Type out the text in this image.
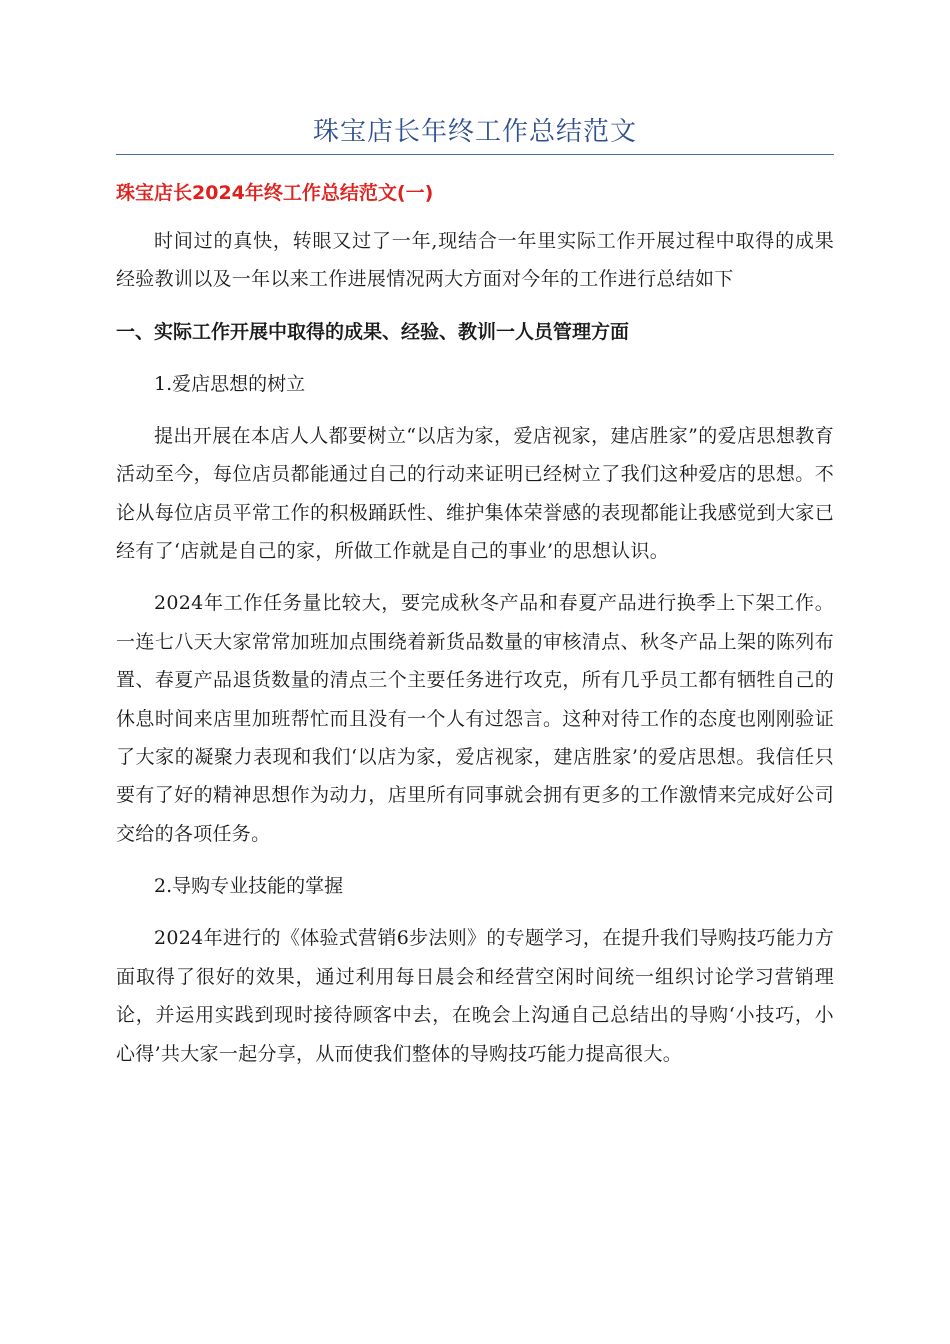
珠宝店长年终工作总结范文
珠宝店长2024年终工作总结范文(一)

时间过的真快，转眼又过了一年,现结合一年里实际工作开展过程中取得的成果经验教训以及一年以来工作进展情况两大方面对今年的工作进行总结如下

一、实际工作开展中取得的成果、经验、教训一人员管理方面

1.爱店思想的树立

提出开展在本店人人都要树立“以店为家，爱店视家，建店胜家”的爱店思想教育活动至今，每位店员都能通过自己的行动来证明已经树立了我们这种爱店的思想。不论从每位店员平常工作的积极踊跃性、维护集体荣誉感的表现都能让我感觉到大家已经有了‘店就是自己的家，所做工作就是自己的事业’的思想认识。

2024年工作任务量比较大，要完成秋冬产品和春夏产品进行换季上下架工作。一连七八天大家常常加班加点围绕着新货品数量的审核清点、秋冬产品上架的陈列布置、春夏产品退货数量的清点三个主要任务进行攻克，所有几乎员工都有牺牲自己的休息时间来店里加班帮忙而且没有一个人有过怨言。这种对待工作的态度也刚刚验证了大家的凝聚力表现和我们‘以店为家，爱店视家，建店胜家’的爱店思想。我信任只要有了好的精神思想作为动力，店里所有同事就会拥有更多的工作激情来完成好公司交给的各项任务。

2.导购专业技能的掌握

2024年进行的《体验式营销6步法则》的专题学习，在提升我们导购技巧能力方面取得了很好的效果，通过利用每日晨会和经营空闲时间统一组织讨论学习营销理论，并运用实践到现时接待顾客中去，在晚会上沟通自己总结出的导购‘小技巧，小心得’共大家一起分享，从而使我们整体的导购技巧能力提高很大。
